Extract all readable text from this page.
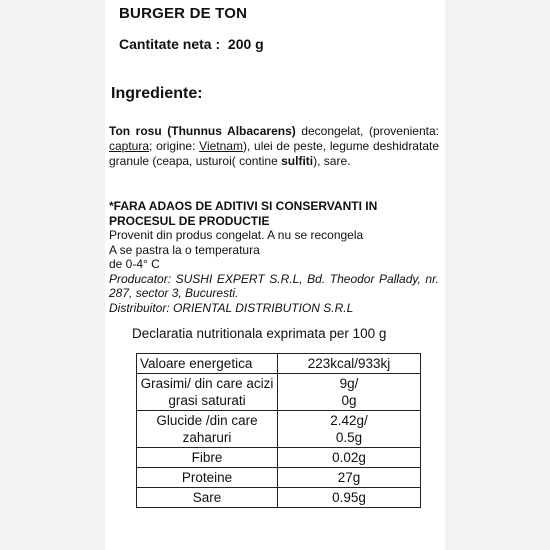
BURGER DE TON
Cantitate neta : 200 g
Ingrediente:
Ton rosu (Thunnus Albacarens) decongelat, (provenienta: captura; origine: Vietnam), ulei de peste, legume deshidratate granule (ceapa, usturoi( contine sulfiti), sare.
*FARA ADAOS DE ADITIVI SI CONSERVANTI IN PROCESUL DE PRODUCTIE
Provenit din produs congelat. A nu se recongela
A se pastra la o temperatura
de 0-4° C
Producator: SUSHI EXPERT S.R.L, Bd. Theodor Pallady, nr. 287, sector 3, Bucuresti.
Distribuitor: ORIENTAL DISTRIBUTION S.R.L
Declaratia nutritionala exprimata per 100 g
Valoare energetica	223kcal/933kj
Grasimi/ din care acizi grasi saturati	9g/
0g
Glucide /din care zaharuri	2.42g/
0.5g
Fibre	0.02g
Proteine	27g
Sare	0.95g
